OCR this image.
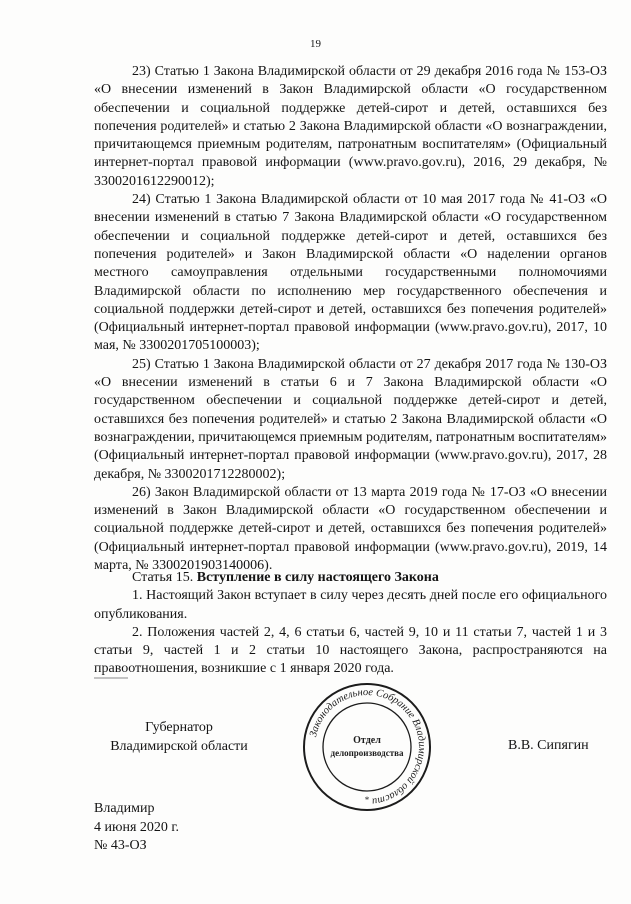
19

23) Статью 1 Закона Владимирской области от 29 декабря 2016 года № 153-ОЗ «О внесении изменений в Закон Владимирской области «О государственном обеспечении и социальной поддержке детей-сирот и детей, оставшихся без попечения родителей» и статью 2 Закона Владимирской области «О вознаграждении, причитающемся приемным родителям, патронатным воспитателям» (Официальный интернет-портал правовой информации (www.pravo.gov.ru), 2016, 29 декабря, № 3300201612290012);

24) Статью 1 Закона Владимирской области от 10 мая 2017 года № 41-ОЗ «О внесении изменений в статью 7 Закона Владимирской области «О государственном обеспечении и социальной поддержке детей-сирот и детей, оставшихся без попечения родителей» и Закон Владимирской области «О наделении органов местного самоуправления отдельными государственными полномочиями Владимирской области по исполнению мер государственного обеспечения и социальной поддержки детей-сирот и детей, оставшихся без попечения родителей» (Официальный интернет-портал правовой информации (www.pravo.gov.ru), 2017, 10 мая, № 3300201705100003);

25) Статью 1 Закона Владимирской области от 27 декабря 2017 года № 130-ОЗ «О внесении изменений в статьи 6 и 7 Закона Владимирской области «О государственном обеспечении и социальной поддержке детей-сирот и детей, оставшихся без попечения родителей» и статью 2 Закона Владимирской области «О вознаграждении, причитающемся приемным родителям, патронатным воспитателям» (Официальный интернет-портал правовой информации (www.pravo.gov.ru), 2017, 28 декабря, № 3300201712280002);

26) Закон Владимирской области от 13 марта 2019 года № 17-ОЗ «О внесении изменений в Закон Владимирской области «О государственном обеспечении и социальной поддержке детей-сирот и детей, оставшихся без попечения родителей» (Официальный интернет-портал правовой информации (www.pravo.gov.ru), 2019, 14 марта, № 3300201903140006).

Статья 15. Вступление в силу настоящего Закона

1. Настоящий Закон вступает в силу через десять дней после его официального опубликования.

2. Положения частей 2, 4, 6 статьи 6, частей 9, 10 и 11 статьи 7, частей 1 и 3 статьи 9, частей 1 и 2 статьи 10 настоящего Закона, распространяются на правоотношения, возникшие с 1 января 2020 года.

Губернатор
Владимирской области
Законодательное Собрание Владимирской области
Отдел
делопроизводства
*
В.В. Сипягин
Владимир
4 июня 2020 г.
№ 43-ОЗ
